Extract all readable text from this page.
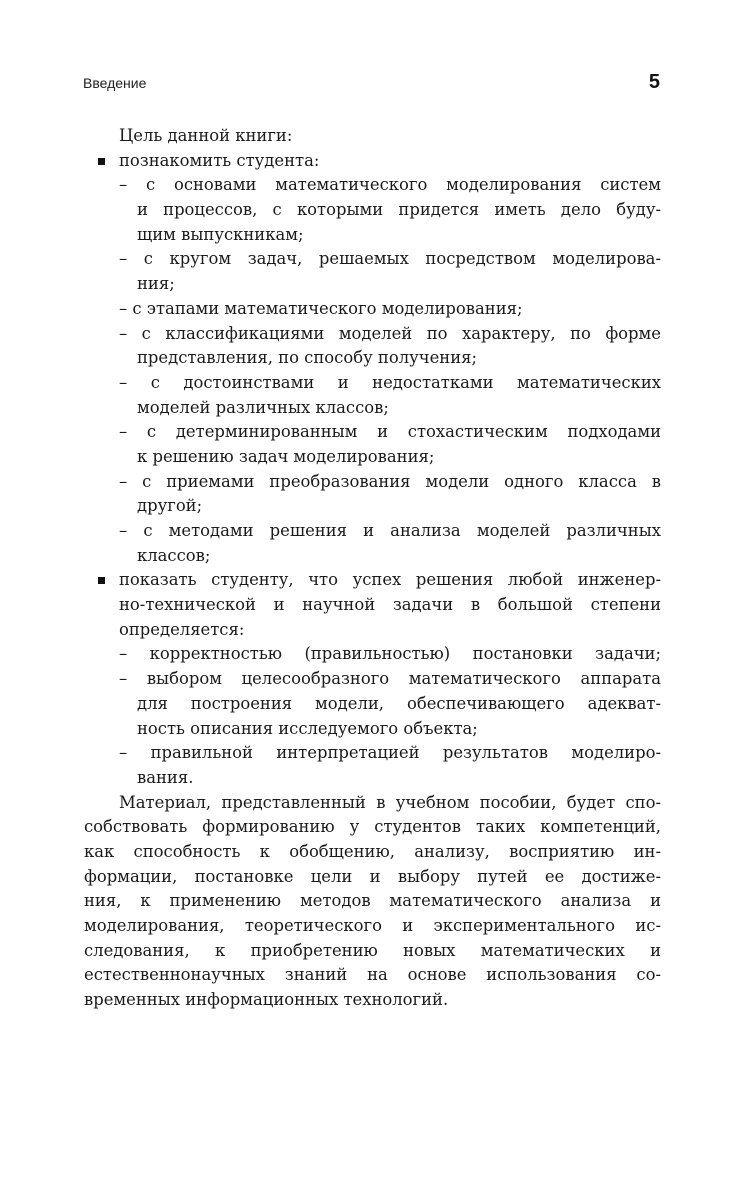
Введение	5
Цель данной книги:
познакомить студента:
– с основами математического моделирования систем
и процессов, с которыми придется иметь дело буду-
щим выпускникам;
– с кругом задач, решаемых посредством моделирова-
ния;
– с этапами математического моделирования;
– с классификациями моделей по характеру, по форме
представления, по способу получения;
– с достоинствами и недостатками математических
моделей различных классов;
– с детерминированным и стохастическим подходами
к решению задач моделирования;
– с приемами преобразования модели одного класса в
другой;
– с методами решения и анализа моделей различных
классов;
показать студенту, что успех решения любой инженер-
но-технической и научной задачи в большой степени
определяется:
– корректностью (правильностью) постановки задачи;
– выбором целесообразного математического аппарата
для построения модели, обеспечивающего адекват-
ность описания исследуемого объекта;
– правильной интерпретацией результатов моделиро-
вания.
Материал, представленный в учебном пособии, будет спо-
собствовать формированию у студентов таких компетенций,
как способность к обобщению, анализу, восприятию ин-
формации, постановке цели и выбору путей ее достиже-
ния, к применению методов математического анализа и
моделирования, теоретического и экспериментального ис-
следования, к приобретению новых математических и
естественнонаучных знаний на основе использования со-
временных информационных технологий.
